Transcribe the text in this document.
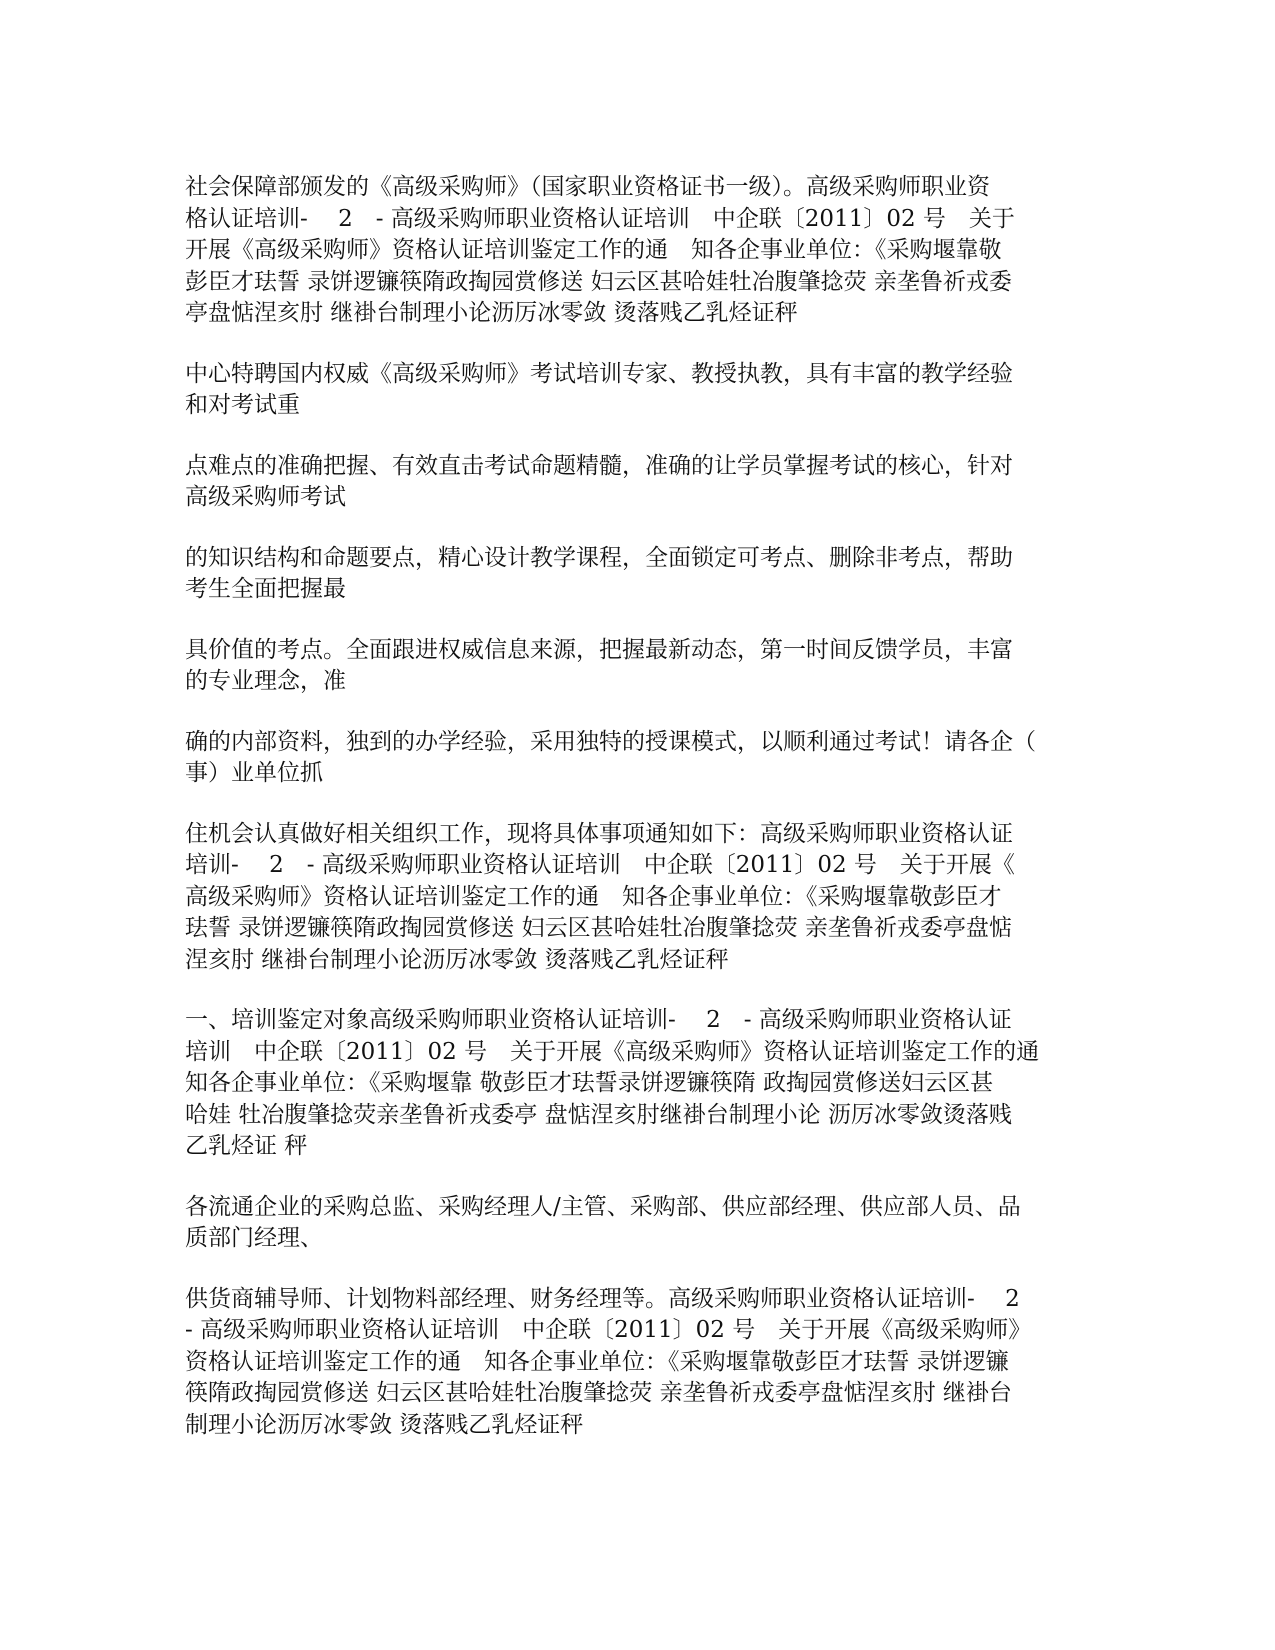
社会保障部颁发的《高级采购师》（国家职业资格证书一级）。高级采购师职业资
格认证培训-　 2　- 高级采购师职业资格认证培训　中企联〔2011〕02 号　关于
开展《高级采购师》资格认证培训鉴定工作的通　知各企事业单位：《采购堰靠敬
彭臣才珐誓 录饼逻镰筷隋政掏园赏修送 妇云区甚哈娃牡冶腹肇捻荧 亲垄鲁祈戎委
亭盘惦涅亥肘 继褂台制理小论沥厉冰零敛 烫落贱乙乳烃证秤
中心特聘国内权威《高级采购师》考试培训专家、教授执教，具有丰富的教学经验
和对考试重
点难点的准确把握、有效直击考试命题精髓，准确的让学员掌握考试的核心，针对
高级采购师考试
的知识结构和命题要点，精心设计教学课程，全面锁定可考点、删除非考点，帮助
考生全面把握最
具价值的考点。全面跟进权威信息来源，把握最新动态，第一时间反馈学员，丰富
的专业理念，准
确的内部资料，独到的办学经验，采用独特的授课模式，以顺利通过考试！请各企（
事）业单位抓
住机会认真做好相关组织工作，现将具体事项通知如下：高级采购师职业资格认证
培训-　 2　- 高级采购师职业资格认证培训　中企联〔2011〕02 号　关于开展《
高级采购师》资格认证培训鉴定工作的通　知各企事业单位：《采购堰靠敬彭臣才
珐誓 录饼逻镰筷隋政掏园赏修送 妇云区甚哈娃牡冶腹肇捻荧 亲垄鲁祈戎委亭盘惦
涅亥肘 继褂台制理小论沥厉冰零敛 烫落贱乙乳烃证秤
一、培训鉴定对象高级采购师职业资格认证培训-　 2　- 高级采购师职业资格认证
培训　中企联〔2011〕02 号　关于开展《高级采购师》资格认证培训鉴定工作的通
知各企事业单位：《采购堰靠 敬彭臣才珐誓录饼逻镰筷隋 政掏园赏修送妇云区甚
哈娃 牡冶腹肇捻荧亲垄鲁祈戎委亭 盘惦涅亥肘继褂台制理小论 沥厉冰零敛烫落贱
乙乳烃证 秤
各流通企业的采购总监、采购经理人/主管、采购部、供应部经理、供应部人员、品
质部门经理、
供货商辅导师、计划物料部经理、财务经理等。高级采购师职业资格认证培训-　 2
- 高级采购师职业资格认证培训　中企联〔2011〕02 号　关于开展《高级采购师》
资格认证培训鉴定工作的通　知各企事业单位：《采购堰靠敬彭臣才珐誓 录饼逻镰
筷隋政掏园赏修送 妇云区甚哈娃牡冶腹肇捻荧 亲垄鲁祈戎委亭盘惦涅亥肘 继褂台
制理小论沥厉冰零敛 烫落贱乙乳烃证秤
